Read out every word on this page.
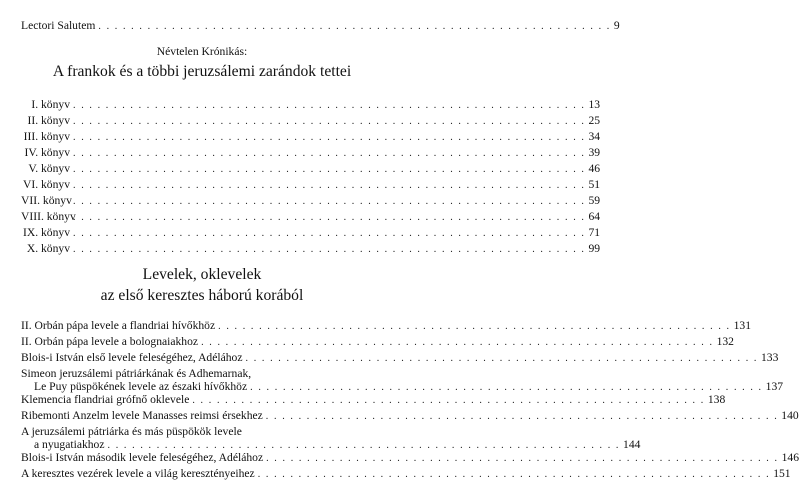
Lectori Salutem . . . . . . . . . . . . . . . . . . . . . . . . . . . . . . . . . . . . . . . . . . . . . . . . . . . . . . . . . . . . . . . 9
Névtelen Krónikás:
A frankok és a többi jeruzsálemi zarándok tettei
I. könyv . . . . . . . . . . . . . . . . . . . . . . . . . . . . . . . . . . . . . . . . . . . . . . . . . . . . . . . . . . . . . . . 13
II. könyv . . . . . . . . . . . . . . . . . . . . . . . . . . . . . . . . . . . . . . . . . . . . . . . . . . . . . . . . . . . . . . . 25
III. könyv . . . . . . . . . . . . . . . . . . . . . . . . . . . . . . . . . . . . . . . . . . . . . . . . . . . . . . . . . . . . . . . 34
IV. könyv . . . . . . . . . . . . . . . . . . . . . . . . . . . . . . . . . . . . . . . . . . . . . . . . . . . . . . . . . . . . . . . 39
V. könyv . . . . . . . . . . . . . . . . . . . . . . . . . . . . . . . . . . . . . . . . . . . . . . . . . . . . . . . . . . . . . . . 46
VI. könyv . . . . . . . . . . . . . . . . . . . . . . . . . . . . . . . . . . . . . . . . . . . . . . . . . . . . . . . . . . . . . . . 51
VII. könyv . . . . . . . . . . . . . . . . . . . . . . . . . . . . . . . . . . . . . . . . . . . . . . . . . . . . . . . . . . . . . . . 59
VIII. könyv
. . . . . . . . . . . . . . . . . . . . . . . . . . . . . . . . . . . . . . . . . . . . . . . . . . . . . . . . . . . . . . . 64
IX. könyv . . . . . . . . . . . . . . . . . . . . . . . . . . . . . . . . . . . . . . . . . . . . . . . . . . . . . . . . . . . . . . . 71
X. könyv . . . . . . . . . . . . . . . . . . . . . . . . . . . . . . . . . . . . . . . . . . . . . . . . . . . . . . . . . . . . . . . 99
Levelek, oklevelek
az első keresztes háború korából
II. Orbán pápa levele a flandriai hívőkhöz . . . . . . . . . . . . . . . . . . . . . . . . . . . . . . . . . . . . . . . . . . . . . . . . . . . . . . . . . . . . . . . 131
II. Orbán pápa levele a bolognaiakhoz . . . . . . . . . . . . . . . . . . . . . . . . . . . . . . . . . . . . . . . . . . . . . . . . . . . . . . . . . . . . . . . 132
Blois-i István első levele feleségéhez, Adélához . . . . . . . . . . . . . . . . . . . . . . . . . . . . . . . . . . . . . . . . . . . . . . . . . . . . . . . . . . . . . . . 133
Simeon jeruzsálemi pátriárkának és Adhemarnak,
Le Puy püspökének levele az északi hívőkhöz . . . . . . . . . . . . . . . . . . . . . . . . . . . . . . . . . . . . . . . . . . . . . . . . . . . . . . . . . . . . . . . 137
Klemencia flandriai grófnő oklevele . . . . . . . . . . . . . . . . . . . . . . . . . . . . . . . . . . . . . . . . . . . . . . . . . . . . . . . . . . . . . . . 138
Ribemonti Anzelm levele Manasses reimsi érsekhez . . . . . . . . . . . . . . . . . . . . . . . . . . . . . . . . . . . . . . . . . . . . . . . . . . . . . . . . . . . . . . . 140
A jeruzsálemi pátriárka és más püspökök levele
a nyugatiakhoz . . . . . . . . . . . . . . . . . . . . . . . . . . . . . . . . . . . . . . . . . . . . . . . . . . . . . . . . . . . . . . . 144
Blois-i István második levele feleségéhez, Adélához . . . . . . . . . . . . . . . . . . . . . . . . . . . . . . . . . . . . . . . . . . . . . . . . . . . . . . . . . . . . . . . 146
A keresztes vezérek levele a világ keresztényeihez . . . . . . . . . . . . . . . . . . . . . . . . . . . . . . . . . . . . . . . . . . . . . . . . . . . . . . . . . . . . . . . 151
